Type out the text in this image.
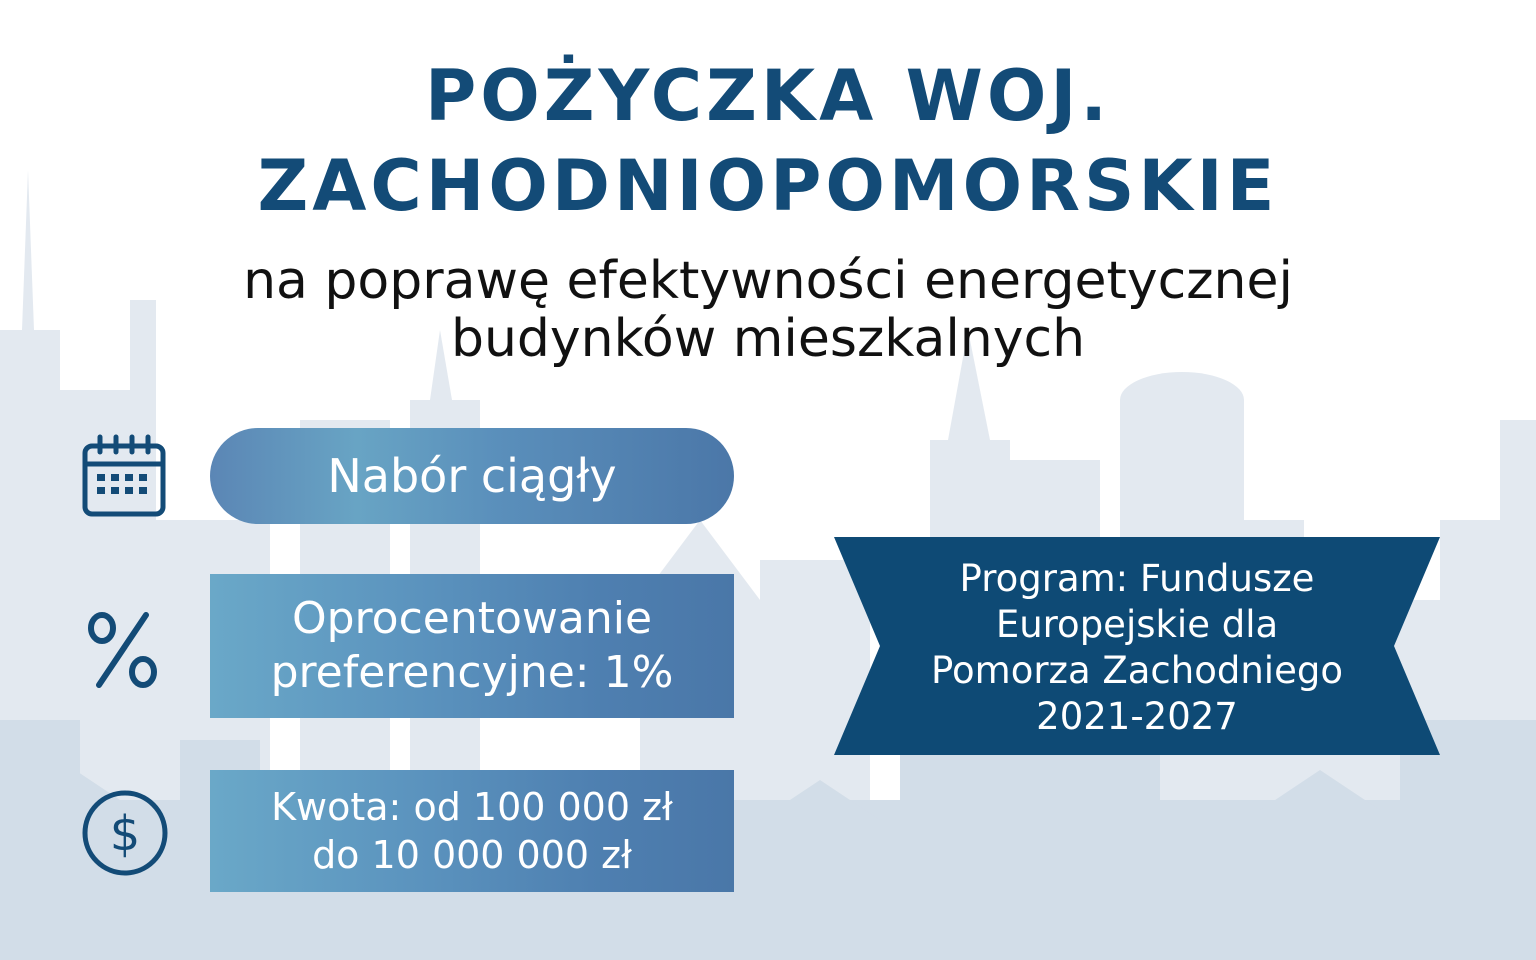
POŻYCZKA WOJ.
ZACHODNIOPOMORSKIE
na poprawę efektywności energetycznej
budynków mieszkalnych
$
Nabór ciągły
Oprocentowanie
preferencyjne: 1%
Kwota: od 100 000 zł
do 10 000 000 zł
Program: Fundusze
Europejskie dla
Pomorza Zachodniego
2021-2027
